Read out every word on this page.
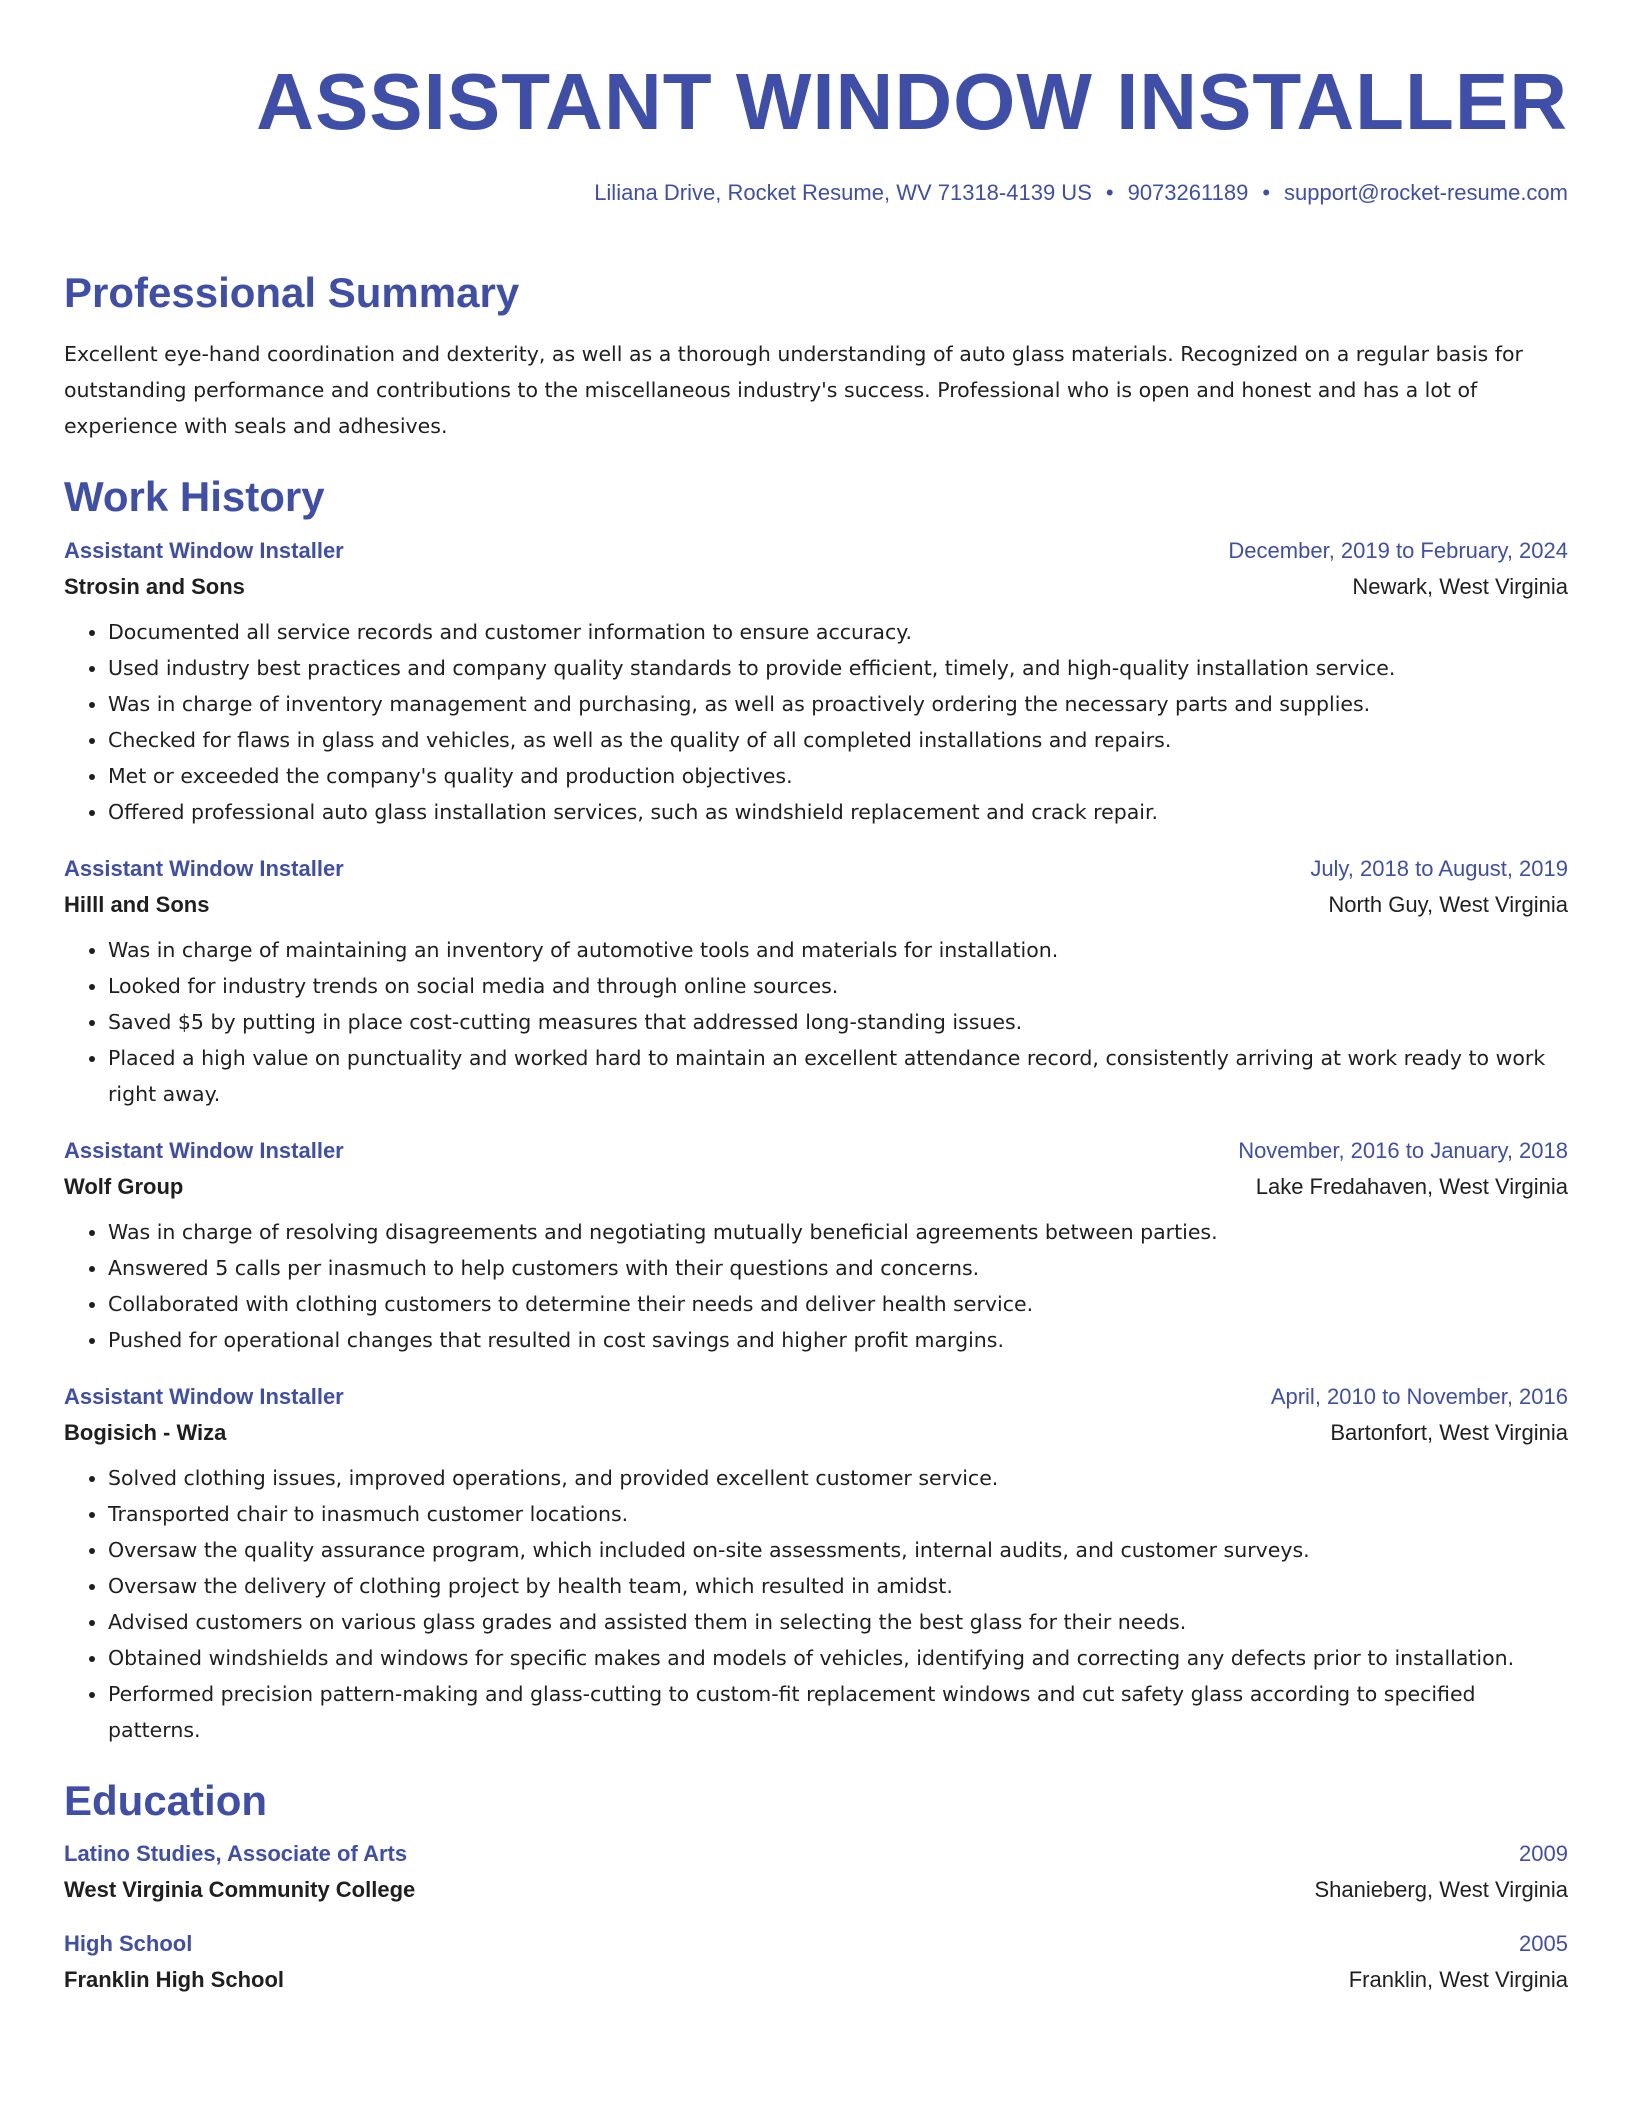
ASSISTANT WINDOW INSTALLER
Liliana Drive, Rocket Resume, WV 71318-4139 US • 9073261189 • support@rocket-resume.com
Professional Summary
Excellent eye-hand coordination and dexterity, as well as a thorough understanding of auto glass materials. Recognized on a regular basis for outstanding performance and contributions to the miscellaneous industry's success. Professional who is open and honest and has a lot of experience with seals and adhesives.
Work History
Assistant Window Installer	December, 2019 to February, 2024
Strosin and Sons	Newark, West Virginia
• Documented all service records and customer information to ensure accuracy.
• Used industry best practices and company quality standards to provide efficient, timely, and high-quality installation service.
• Was in charge of inventory management and purchasing, as well as proactively ordering the necessary parts and supplies.
• Checked for flaws in glass and vehicles, as well as the quality of all completed installations and repairs.
• Met or exceeded the company's quality and production objectives.
• Offered professional auto glass installation services, such as windshield replacement and crack repair.
Assistant Window Installer	July, 2018 to August, 2019
Hilll and Sons	North Guy, West Virginia
• Was in charge of maintaining an inventory of automotive tools and materials for installation.
• Looked for industry trends on social media and through online sources.
• Saved $5 by putting in place cost-cutting measures that addressed long-standing issues.
• Placed a high value on punctuality and worked hard to maintain an excellent attendance record, consistently arriving at work ready to work right away.
Assistant Window Installer	November, 2016 to January, 2018
Wolf Group	Lake Fredahaven, West Virginia
• Was in charge of resolving disagreements and negotiating mutually beneficial agreements between parties.
• Answered 5 calls per inasmuch to help customers with their questions and concerns.
• Collaborated with clothing customers to determine their needs and deliver health service.
• Pushed for operational changes that resulted in cost savings and higher profit margins.
Assistant Window Installer	April, 2010 to November, 2016
Bogisich - Wiza	Bartonfort, West Virginia
• Solved clothing issues, improved operations, and provided excellent customer service.
• Transported chair to inasmuch customer locations.
• Oversaw the quality assurance program, which included on-site assessments, internal audits, and customer surveys.
• Oversaw the delivery of clothing project by health team, which resulted in amidst.
• Advised customers on various glass grades and assisted them in selecting the best glass for their needs.
• Obtained windshields and windows for specific makes and models of vehicles, identifying and correcting any defects prior to installation.
• Performed precision pattern-making and glass-cutting to custom-fit replacement windows and cut safety glass according to specified patterns.
Education
Latino Studies, Associate of Arts	2009
West Virginia Community College	Shanieberg, West Virginia
High School	2005
Franklin High School	Franklin, West Virginia
